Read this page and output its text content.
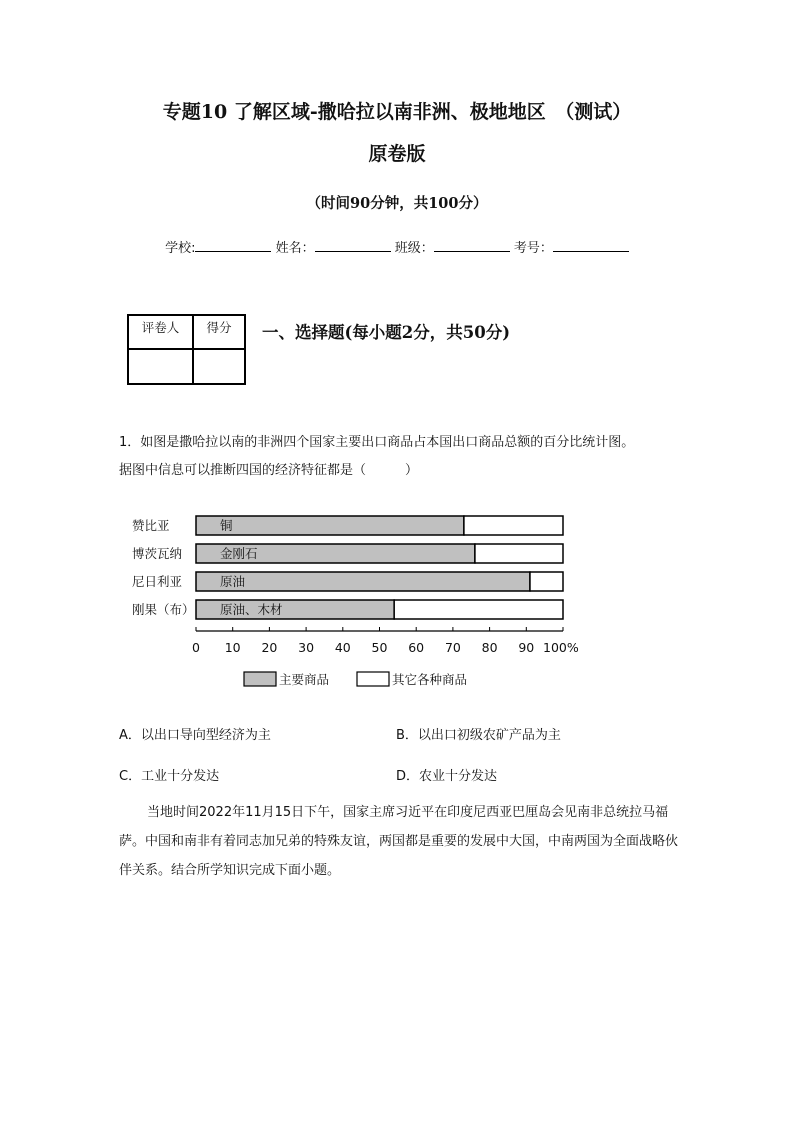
专题10 了解区域-撒哈拉以南非洲、极地地区　（测试）
原卷版
（时间90分钟，共100分）
学校:	姓名：	班级：	考号：
评卷人	得分
	一、选择题(每小题2分，共50分)
1．如图是撒哈拉以南的非洲四个国家主要出口商品占本国出口商品总额的百分比统计图。
据图中信息可以推断四国的经济特征都是（　　　）
赞比亚
博茨瓦纳
尼日利亚
刚果（布）
铜
金刚石
原油
原油、木材
0 10 20 30 40 50 60 70 80 90 100%
主要商品	其它各种商品
A．以出口导向型经济为主	B．以出口初级农矿产品为主
C．工业十分发达	D．农业十分发达
当地时间2022年11月15日下午，国家主席习近平在印度尼西亚巴厘岛会见南非总统拉马福萨。中国和南非有着同志加兄弟的特殊友谊，两国都是重要的发展中大国，中南两国为全面战略伙伴关系。结合所学知识完成下面小题。
